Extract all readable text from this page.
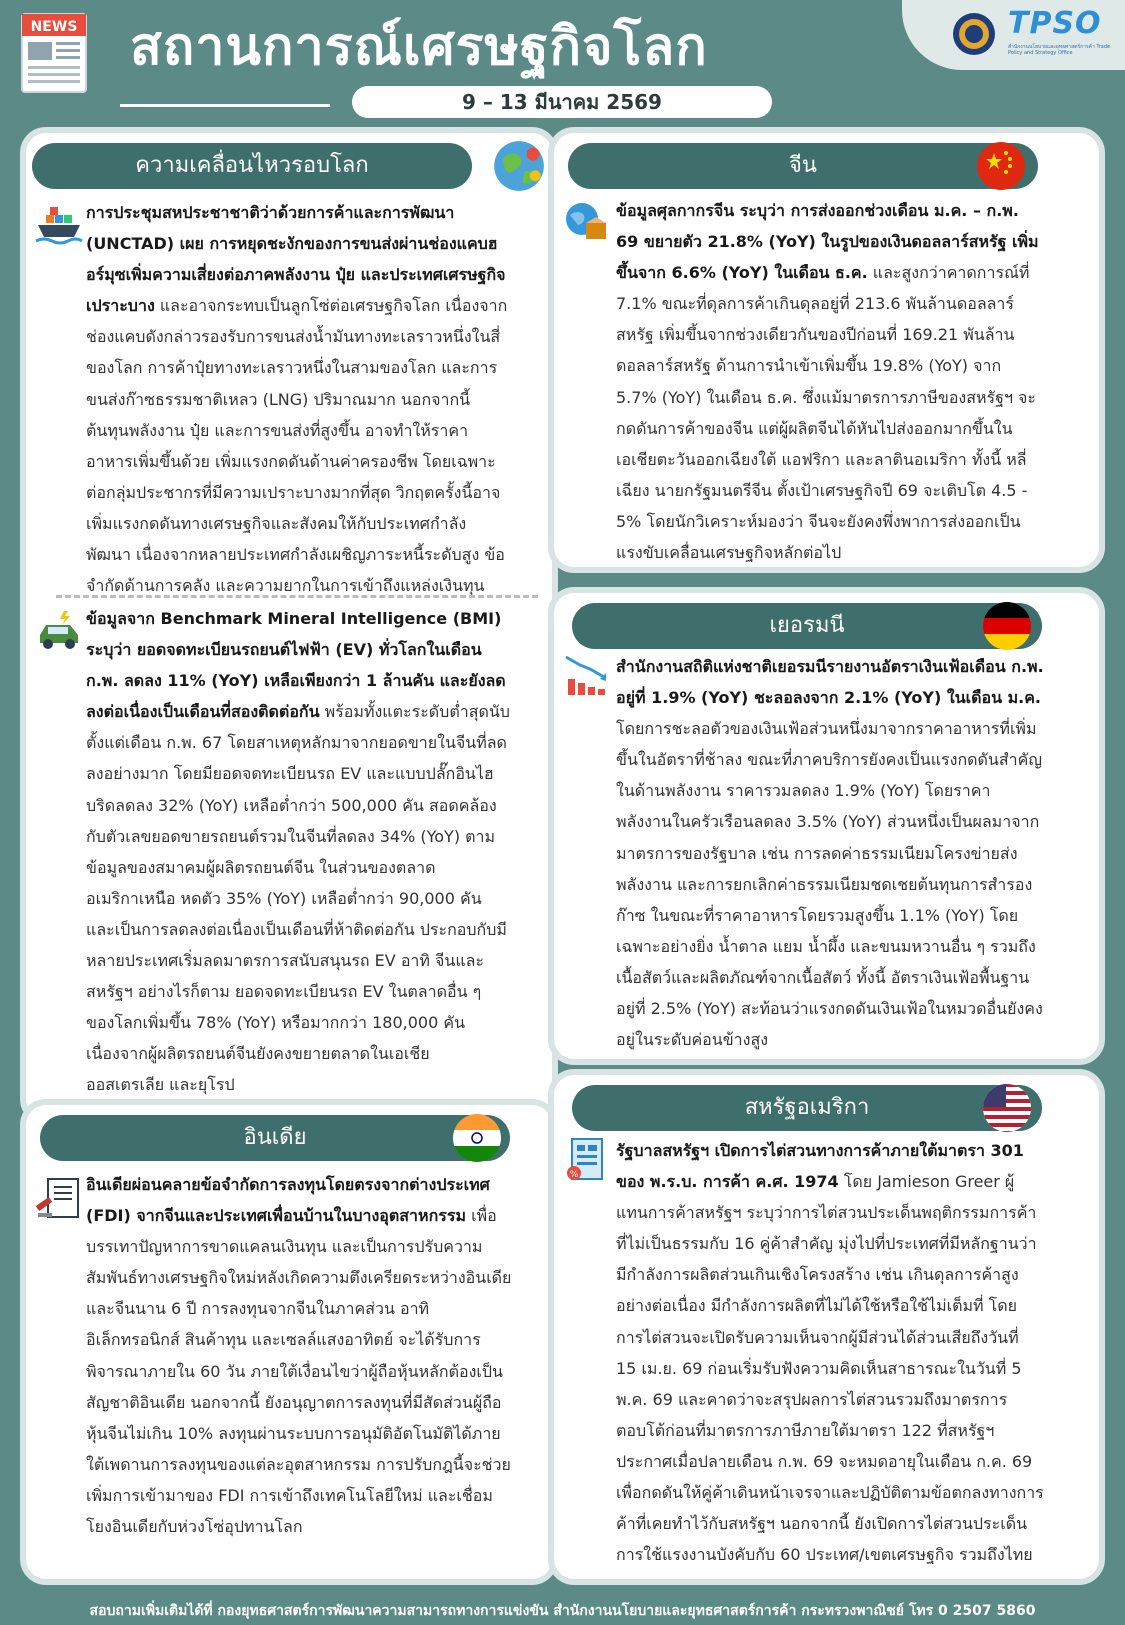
NEWS สถานการณ์เศรษฐกิจโลก
9 – 13 มีนาคม 2569
TPSO
สำนักงานนโยบายและยุทธศาสตร์การค้า Trade Policy and Strategy Office
ความเคลื่อนไหวรอบโลก
การประชุมสหประชาชาติว่าด้วยการค้าและการพัฒนา (UNCTAD) เผย การหยุดชะงักของการขนส่งผ่านช่องแคบฮอร์มุซเพิ่มความเสี่ยงต่อภาคพลังงาน ปุ๋ย และประเทศเศรษฐกิจเปราะบาง และอาจกระทบเป็นลูกโซ่ต่อเศรษฐกิจโลก เนื่องจากช่องแคบดังกล่าวรองรับการขนส่งน้ำมันทางทะเลราวหนึ่งในสี่ของโลก การค้าปุ๋ยทางทะเลราวหนึ่งในสามของโลก และการขนส่งก๊าซธรรมชาติเหลว (LNG) ปริมาณมาก นอกจากนี้ ต้นทุนพลังงาน ปุ๋ย และการขนส่งที่สูงขึ้น อาจทำให้ราคาอาหารเพิ่มขึ้นด้วย เพิ่มแรงกดดันด้านค่าครองชีพ โดยเฉพาะต่อกลุ่มประชากรที่มีความเปราะบางมากที่สุด วิกฤตครั้งนี้อาจเพิ่มแรงกดดันทางเศรษฐกิจและสังคมให้กับประเทศกำลังพัฒนา เนื่องจากหลายประเทศกำลังเผชิญภาระหนี้ระดับสูง ข้อจำกัดด้านการคลัง และความยากในการเข้าถึงแหล่งเงินทุน
ข้อมูลจาก Benchmark Mineral Intelligence (BMI) ระบุว่า ยอดจดทะเบียนรถยนต์ไฟฟ้า (EV) ทั่วโลกในเดือน ก.พ. ลดลง 11% (YoY) เหลือเพียงกว่า 1 ล้านคัน และยังลดลงต่อเนื่องเป็นเดือนที่สองติดต่อกัน พร้อมทั้งแตะระดับต่ำสุดนับตั้งแต่เดือน ก.พ. 67 โดยสาเหตุหลักมาจากยอดขายในจีนที่ลดลงอย่างมาก โดยมียอดจดทะเบียนรถ EV และแบบปลั๊กอินไฮบริดลดลง 32% (YoY) เหลือต่ำกว่า 500,000 คัน สอดคล้องกับตัวเลขยอดขายรถยนต์รวมในจีนที่ลดลง 34% (YoY) ตามข้อมูลของสมาคมผู้ผลิตรถยนต์จีน ในส่วนของตลาดอเมริกาเหนือ หดตัว 35% (YoY) เหลือต่ำกว่า 90,000 คัน และเป็นการลดลงต่อเนื่องเป็นเดือนที่ห้าติดต่อกัน ประกอบกับมีหลายประเทศเริ่มลดมาตรการสนับสนุนรถ EV อาทิ จีนและสหรัฐฯ อย่างไรก็ตาม ยอดจดทะเบียนรถ EV ในตลาดอื่น ๆ ของโลกเพิ่มขึ้น 78% (YoY) หรือมากกว่า 180,000 คัน เนื่องจากผู้ผลิตรถยนต์จีนยังคงขยายตลาดในเอเชีย ออสเตรเลีย และยุโรป
จีน
ข้อมูลศุลกากรจีน ระบุว่า การส่งออกช่วงเดือน ม.ค. – ก.พ. 69 ขยายตัว 21.8% (YoY) ในรูปของเงินดอลลาร์สหรัฐ เพิ่มขึ้นจาก 6.6% (YoY) ในเดือน ธ.ค. และสูงกว่าคาดการณ์ที่ 7.1% ขณะที่ดุลการค้าเกินดุลอยู่ที่ 213.6 พันล้านดอลลาร์สหรัฐ เพิ่มขึ้นจากช่วงเดียวกันของปีก่อนที่ 169.21 พันล้านดอลลาร์สหรัฐ ด้านการนำเข้าเพิ่มขึ้น 19.8% (YoY) จาก 5.7% (YoY) ในเดือน ธ.ค. ซึ่งแม้มาตรการภาษีของสหรัฐฯ จะกดดันการค้าของจีน แต่ผู้ผลิตจีนได้หันไปส่งออกมากขึ้นในเอเชียตะวันออกเฉียงใต้ แอฟริกา และลาตินอเมริกา ทั้งนี้ หลี่ เฉียง นายกรัฐมนตรีจีน ตั้งเป้าเศรษฐกิจปี 69 จะเติบโต 4.5 - 5% โดยนักวิเคราะห์มองว่า จีนจะยังคงพึ่งพาการส่งออกเป็นแรงขับเคลื่อนเศรษฐกิจหลักต่อไป
เยอรมนี
สำนักงานสถิติแห่งชาติเยอรมนีรายงานอัตราเงินเฟ้อเดือน ก.พ. อยู่ที่ 1.9% (YoY) ชะลอลงจาก 2.1% (YoY) ในเดือน ม.ค. โดยการชะลอตัวของเงินเฟ้อส่วนหนึ่งมาจากราคาอาหารที่เพิ่มขึ้นในอัตราที่ช้าลง ขณะที่ภาคบริการยังคงเป็นแรงกดดันสำคัญ ในด้านพลังงาน ราคารวมลดลง 1.9% (YoY) โดยราคาพลังงานในครัวเรือนลดลง 3.5% (YoY) ส่วนหนึ่งเป็นผลมาจากมาตรการของรัฐบาล เช่น การลดค่าธรรมเนียมโครงข่ายส่งพลังงาน และการยกเลิกค่าธรรมเนียมชดเชยต้นทุนการสำรองก๊าซ ในขณะที่ราคาอาหารโดยรวมสูงขึ้น 1.1% (YoY) โดยเฉพาะอย่างยิ่ง น้ำตาล แยม น้ำผึ้ง และขนมหวานอื่น ๆ รวมถึงเนื้อสัตว์และผลิตภัณฑ์จากเนื้อสัตว์ ทั้งนี้ อัตราเงินเฟ้อพื้นฐานอยู่ที่ 2.5% (YoY) สะท้อนว่าแรงกดดันเงินเฟ้อในหมวดอื่นยังคงอยู่ในระดับค่อนข้างสูง
อินเดีย
อินเดียผ่อนคลายข้อจำกัดการลงทุนโดยตรงจากต่างประเทศ (FDI) จากจีนและประเทศเพื่อนบ้านในบางอุตสาหกรรม เพื่อบรรเทาปัญหาการขาดแคลนเงินทุน และเป็นการปรับความสัมพันธ์ทางเศรษฐกิจใหม่หลังเกิดความตึงเครียดระหว่างอินเดียและจีนนาน 6 ปี การลงทุนจากจีนในภาคส่วน อาทิ อิเล็กทรอนิกส์ สินค้าทุน และเซลล์แสงอาทิตย์ จะได้รับการพิจารณาภายใน 60 วัน ภายใต้เงื่อนไขว่าผู้ถือหุ้นหลักต้องเป็นสัญชาติอินเดีย นอกจากนี้ ยังอนุญาตการลงทุนที่มีสัดส่วนผู้ถือหุ้นจีนไม่เกิน 10% ลงทุนผ่านระบบการอนุมัติอัตโนมัติได้ภายใต้เพดานการลงทุนของแต่ละอุตสาหกรรม การปรับกฎนี้จะช่วยเพิ่มการเข้ามาของ FDI การเข้าถึงเทคโนโลยีใหม่ และเชื่อมโยงอินเดียกับห่วงโซ่อุปทานโลก
สหรัฐอเมริกา
%
รัฐบาลสหรัฐฯ เปิดการไต่สวนทางการค้าภายใต้มาตรา 301 ของ พ.ร.บ. การค้า ค.ศ. 1974 โดย Jamieson Greer ผู้แทนการค้าสหรัฐฯ ระบุว่าการไต่สวนประเด็นพฤติกรรมการค้าที่ไม่เป็นธรรมกับ 16 คู่ค้าสำคัญ มุ่งไปที่ประเทศที่มีหลักฐานว่ามีกำลังการผลิตส่วนเกินเชิงโครงสร้าง เช่น เกินดุลการค้าสูงอย่างต่อเนื่อง มีกำลังการผลิตที่ไม่ได้ใช้หรือใช้ไม่เต็มที่ โดยการไต่สวนจะเปิดรับความเห็นจากผู้มีส่วนได้ส่วนเสียถึงวันที่ 15 เม.ย. 69 ก่อนเริ่มรับฟังความคิดเห็นสาธารณะในวันที่ 5 พ.ค. 69 และคาดว่าจะสรุปผลการไต่สวนรวมถึงมาตรการตอบโต้ก่อนที่มาตรการภาษีภายใต้มาตรา 122 ที่สหรัฐฯประกาศเมื่อปลายเดือน ก.พ. 69 จะหมดอายุในเดือน ก.ค. 69 เพื่อกดดันให้คู่ค้าเดินหน้าเจรจาและปฏิบัติตามข้อตกลงทางการค้าที่เคยทำไว้กับสหรัฐฯ นอกจากนี้ ยังเปิดการไต่สวนประเด็นการใช้แรงงานบังคับกับ 60 ประเทศ/เขตเศรษฐกิจ รวมถึงไทย
สอบถามเพิ่มเติมได้ที่ กองยุทธศาสตร์การพัฒนาความสามารถทางการแข่งขัน สำนักงานนโยบายและยุทธศาสตร์การค้า กระทรวงพาณิชย์ โทร 0 2507 5860
